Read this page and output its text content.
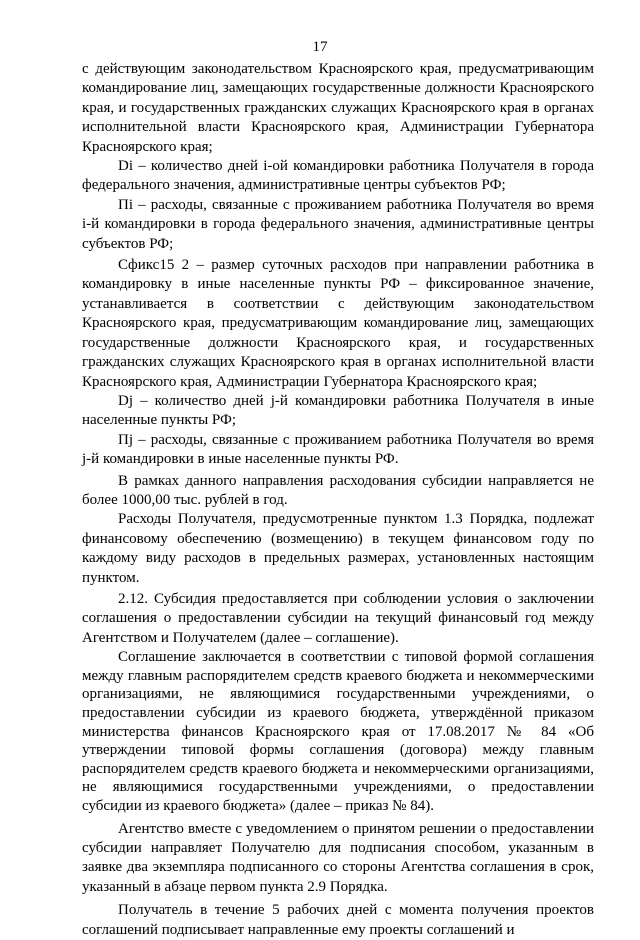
17

с действующим законодательством Красноярского края, предусматривающим командирование лиц, замещающих государственные должности Красноярского края, и государственных гражданских служащих Красноярского края в органах исполнительной власти Красноярского края, Администрации Губернатора Красноярского края;

Di – количество дней i-ой командировки работника Получателя в города федерального значения, административные центры субъектов РФ;

Пi – расходы, связанные с проживанием работника Получателя во время i-й командировки в города федерального значения, административные центры субъектов РФ;

Cфикс15 2 – размер суточных расходов при направлении работника в командировку в иные населенные пункты РФ – фиксированное значение, устанавливается в соответствии с действующим законодательством Красноярского края, предусматривающим командирование лиц, замещающих государственные должности Красноярского края, и государственных гражданских служащих Красноярского края в органах исполнительной власти Красноярского края, Администрации Губернатора Красноярского края;

Dj – количество дней j-й командировки работника Получателя в иные населенные пункты РФ;

Пj – расходы, связанные с проживанием работника Получателя во время j-й командировки в иные населенные пункты РФ.

В рамках данного направления расходования субсидии направляется не более 1000,00 тыс. рублей в год.

Расходы Получателя, предусмотренные пунктом 1.3 Порядка, подлежат финансовому обеспечению (возмещению) в текущем финансовом году по каждому виду расходов в предельных размерах, установленных настоящим пунктом.

2.12. Субсидия предоставляется при соблюдении условия о заключении соглашения о предоставлении субсидии на текущий финансовый год между Агентством и Получателем (далее – соглашение).

Соглашение заключается в соответствии с типовой формой соглашения между главным распорядителем средств краевого бюджета и некоммерческими организациями, не являющимися государственными учреждениями, о предоставлении субсидии из краевого бюджета, утверждённой приказом министерства финансов Красноярского края от 17.08.2017 № 84 «Об утверждении типовой формы соглашения (договора) между главным распорядителем средств краевого бюджета и некоммерческими организациями, не являющимися государственными учреждениями, о предоставлении субсидии из краевого бюджета» (далее – приказ № 84).

Агентство вместе с уведомлением о принятом решении о предоставлении субсидии направляет Получателю для подписания способом, указанным в заявке два экземпляра подписанного со стороны Агентства соглашения в срок, указанный в абзаце первом пункта 2.9 Порядка.

Получатель в течение 5 рабочих дней с момента получения проектов соглашений подписывает направленные ему проекты соглашений и
